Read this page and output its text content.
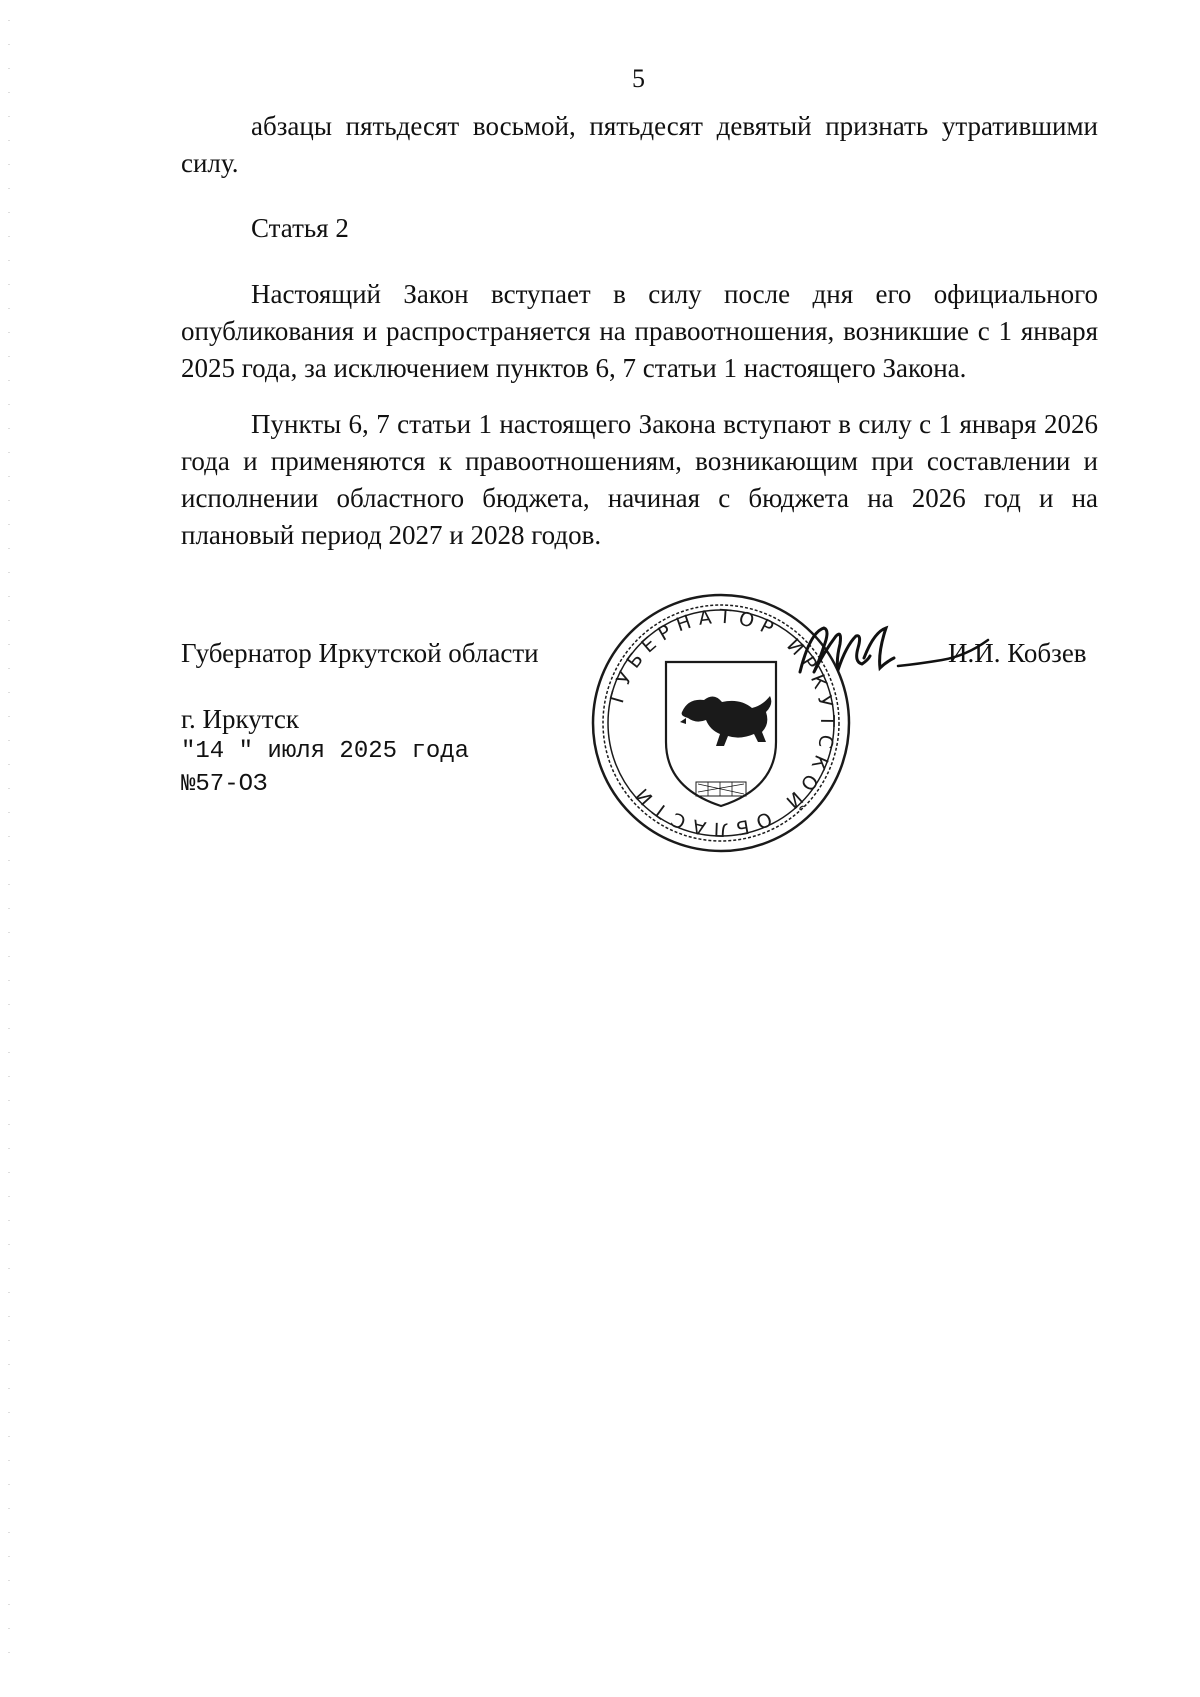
5

абзацы пятьдесят восьмой, пятьдесят девятый признать утратившими силу.

Статья 2

Настоящий Закон вступает в силу после дня его официального опубликования и распространяется на правоотношения, возникшие с 1 января 2025 года, за исключением пунктов 6, 7 статьи 1 настоящего Закона.

Пункты 6, 7 статьи 1 настоящего Закона вступают в силу с 1 января 2026 года и применяются к правоотношениям, возникающим при составлении и исполнении областного бюджета, начиная с бюджета на 2026 год и на плановый период 2027 и 2028 годов.

Губернатор Иркутской области
ГУБЕРНАТОР ИРКУТСКОЙ ОБЛАСТИ
И.И. Кобзев
г. Иркутск
"14 " июля 2025 года
№57-ОЗ
